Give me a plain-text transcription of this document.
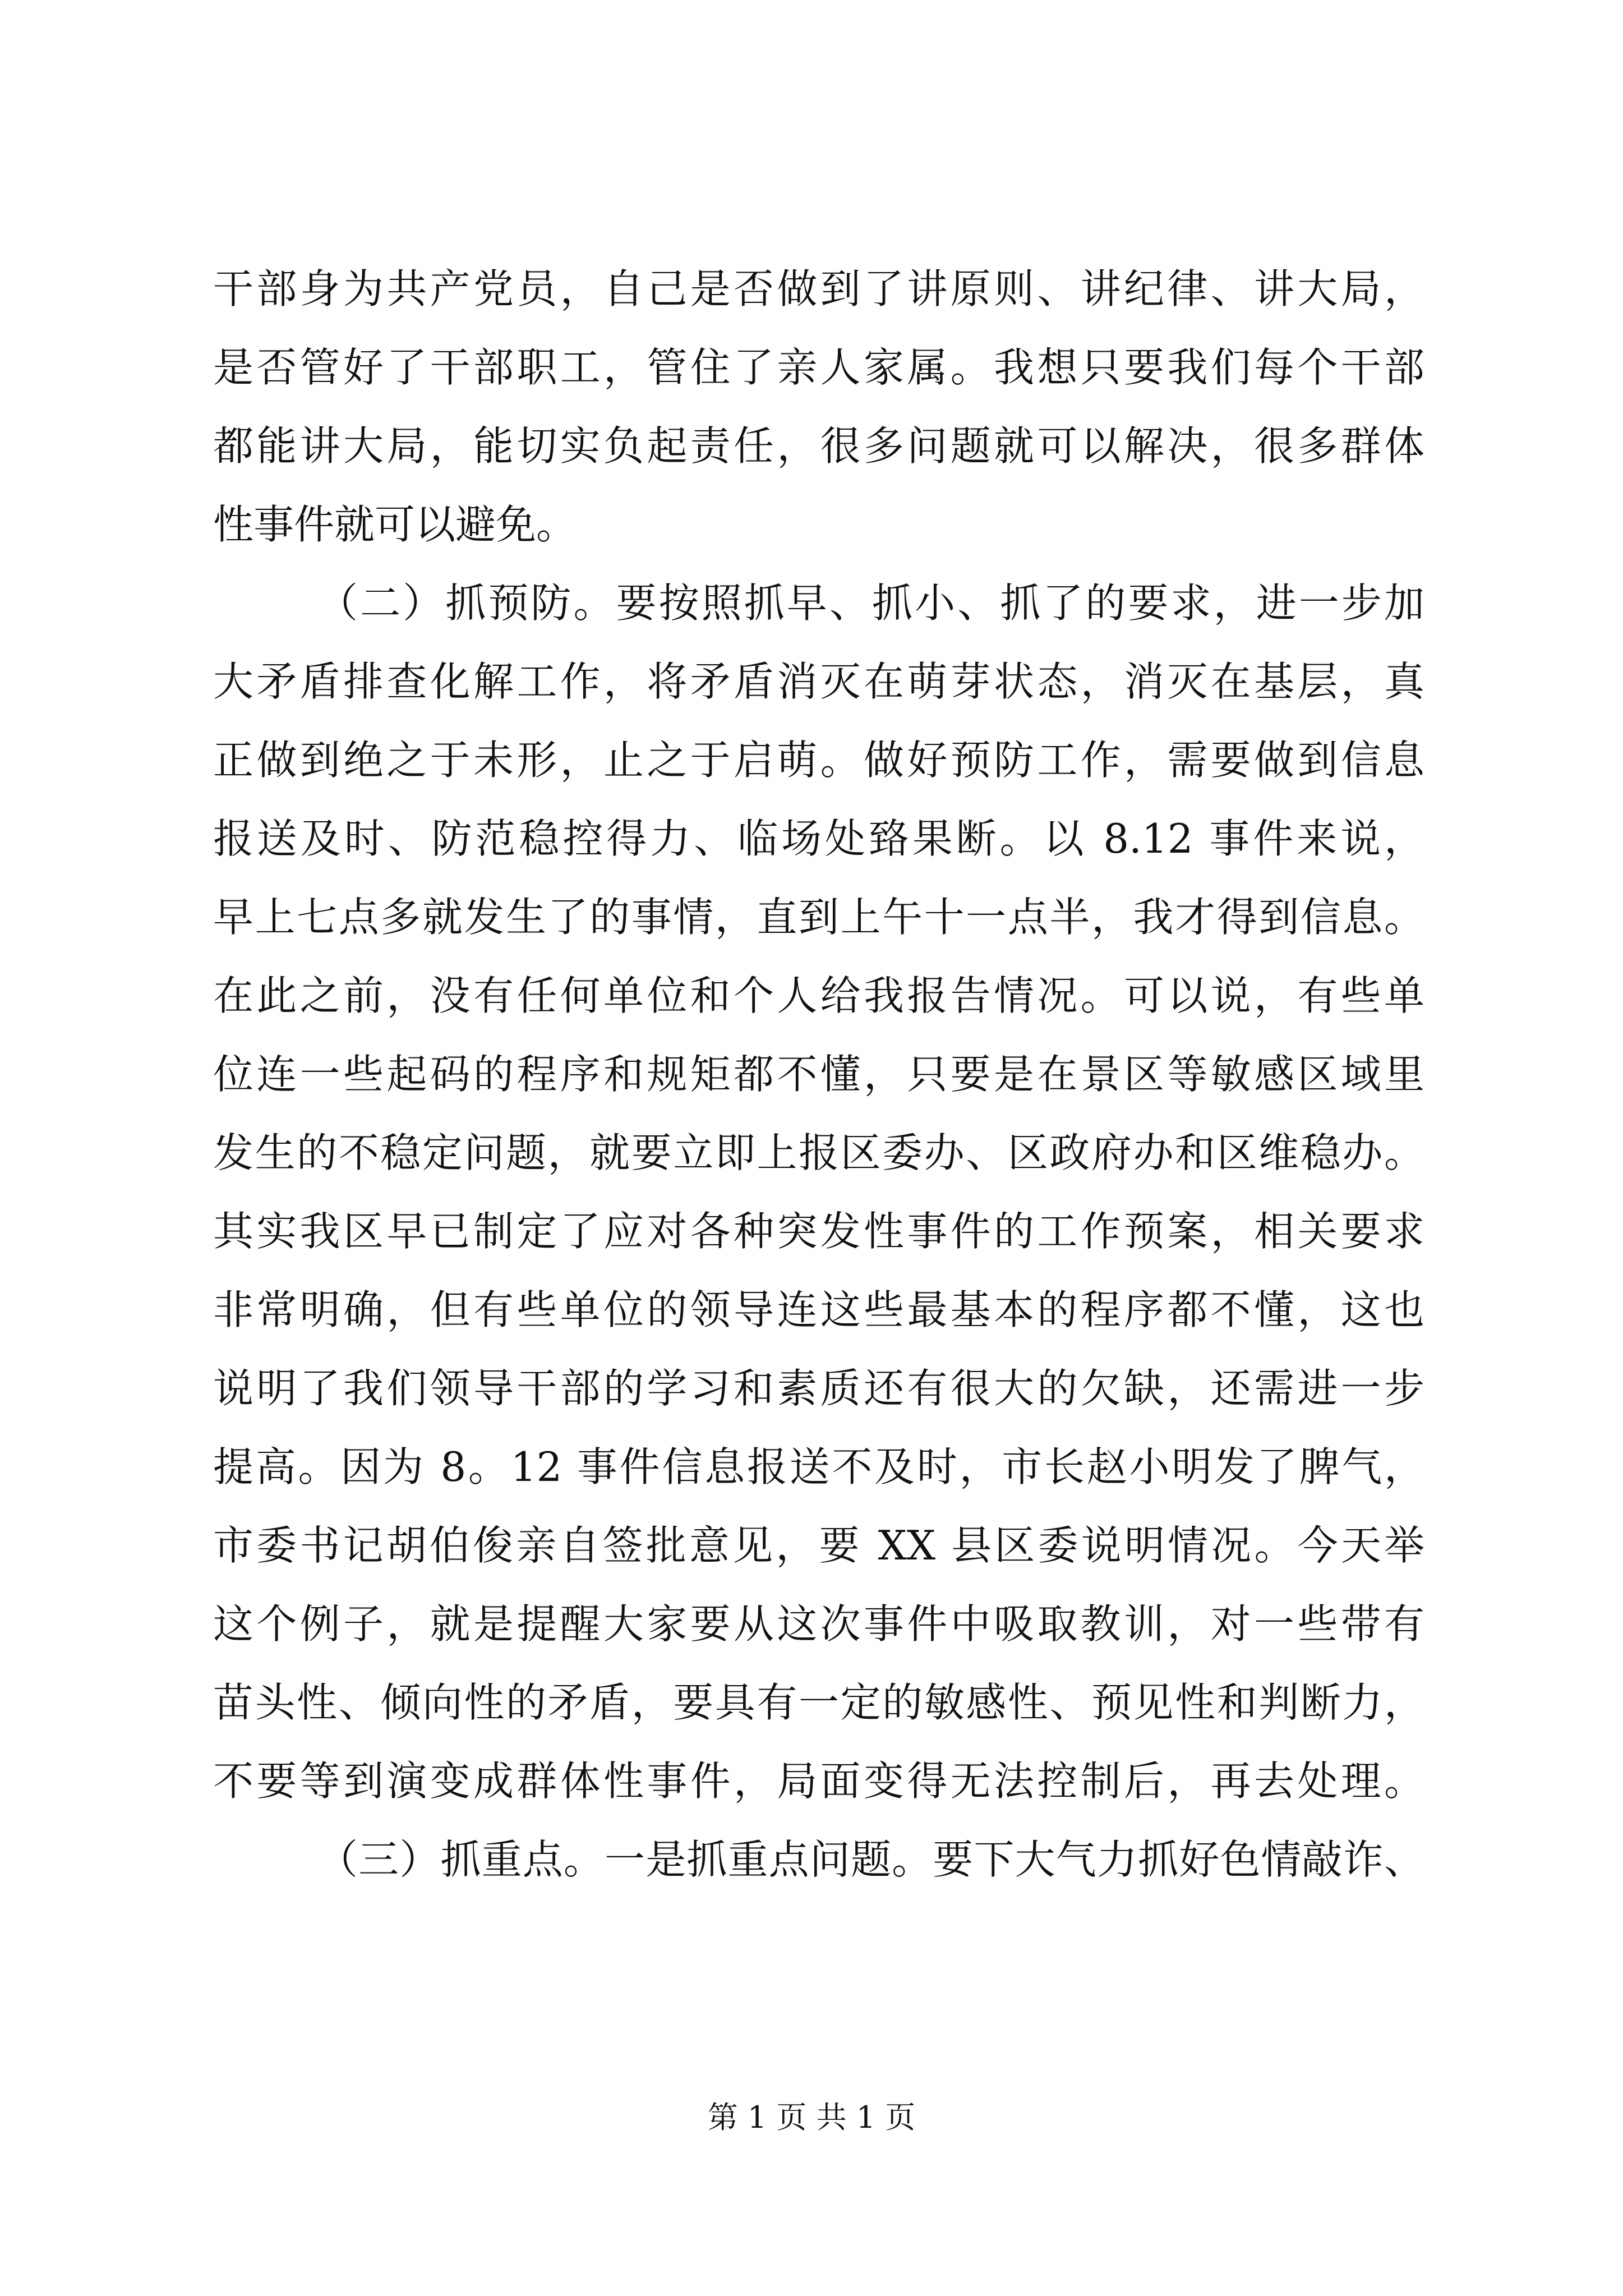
干部身为共产党员，自己是否做到了讲原则、讲纪律、讲大局，
是否管好了干部职工，管住了亲人家属。我想只要我们每个干部
都能讲大局，能切实负起责任，很多问题就可以解决，很多群体
性事件就可以避免。
（二）抓预防。要按照抓早、抓小、抓了的要求，进一步加
大矛盾排查化解工作，将矛盾消灭在萌芽状态，消灭在基层，真
正做到绝之于未形，止之于启萌。做好预防工作，需要做到信息
报送及时、防范稳控得力、临场处臵果断。以 8.12 事件来说，
早上七点多就发生了的事情，直到上午十一点半，我才得到信息。
在此之前，没有任何单位和个人给我报告情况。可以说，有些单
位连一些起码的程序和规矩都不懂，只要是在景区等敏感区域里
发生的不稳定问题，就要立即上报区委办、区政府办和区维稳办。
其实我区早已制定了应对各种突发性事件的工作预案，相关要求
非常明确，但有些单位的领导连这些最基本的程序都不懂，这也
说明了我们领导干部的学习和素质还有很大的欠缺，还需进一步
提高。因为 8。12 事件信息报送不及时，市长赵小明发了脾气，
市委书记胡伯俊亲自签批意见，要 XX 县区委说明情况。今天举
这个例子，就是提醒大家要从这次事件中吸取教训，对一些带有
苗头性、倾向性的矛盾，要具有一定的敏感性、预见性和判断力，
不要等到演变成群体性事件，局面变得无法控制后，再去处理。
（三）抓重点。一是抓重点问题。要下大气力抓好色情敲诈、
第 1 页 共 1 页
